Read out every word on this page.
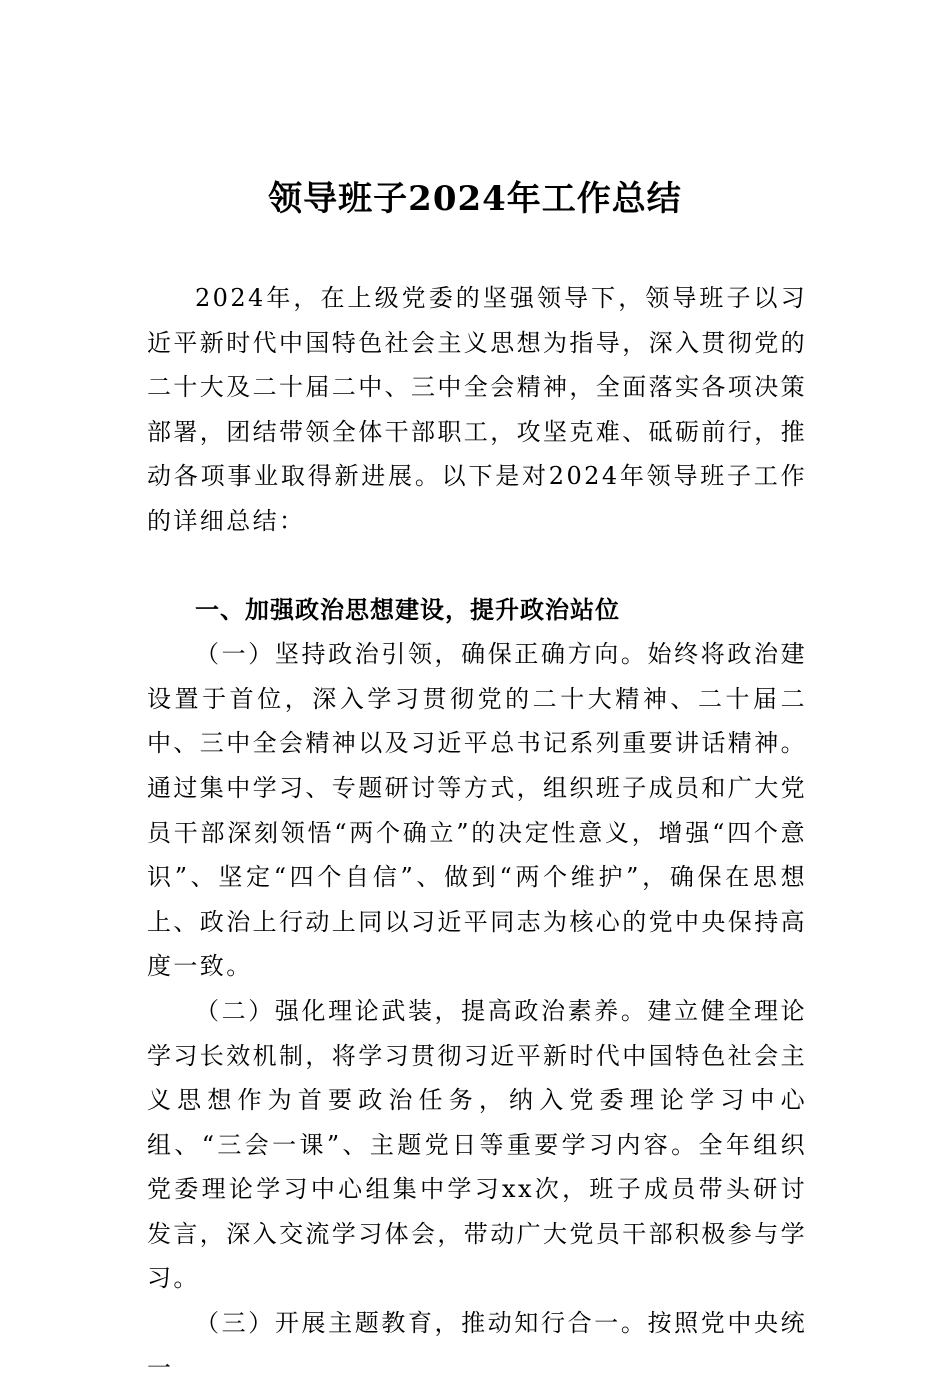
领导班子2024年工作总结

2024年，在上级党委的坚强领导下，领导班子以习近平新时代中国特色社会主义思想为指导，深入贯彻党的二十大及二十届二中、三中全会精神，全面落实各项决策部署，团结带领全体干部职工，攻坚克难、砥砺前行，推动各项事业取得新进展。以下是对2024年领导班子工作的详细总结：

一、加强政治思想建设，提升政治站位

（一）坚持政治引领，确保正确方向。始终将政治建设置于首位，深入学习贯彻党的二十大精神、二十届二中、三中全会精神以及习近平总书记系列重要讲话精神。通过集中学习、专题研讨等方式，组织班子成员和广大党员干部深刻领悟“两个确立”的决定性意义，增强“四个意识”、坚定“四个自信”、做到“两个维护”，确保在思想上、政治上行动上同以习近平同志为核心的党中央保持高度一致。

（二）强化理论武装，提高政治素养。建立健全理论学习长效机制，将学习贯彻习近平新时代中国特色社会主义思想作为首要政治任务，纳入党委理论学习中心组、“三会一课”、主题党日等重要学习内容。全年组织党委理论学习中心组集中学习xx次，班子成员带头研讨发言，深入交流学习体会，带动广大党员干部积极参与学习。

（三）开展主题教育，推动知行合一。按照党中央统一
